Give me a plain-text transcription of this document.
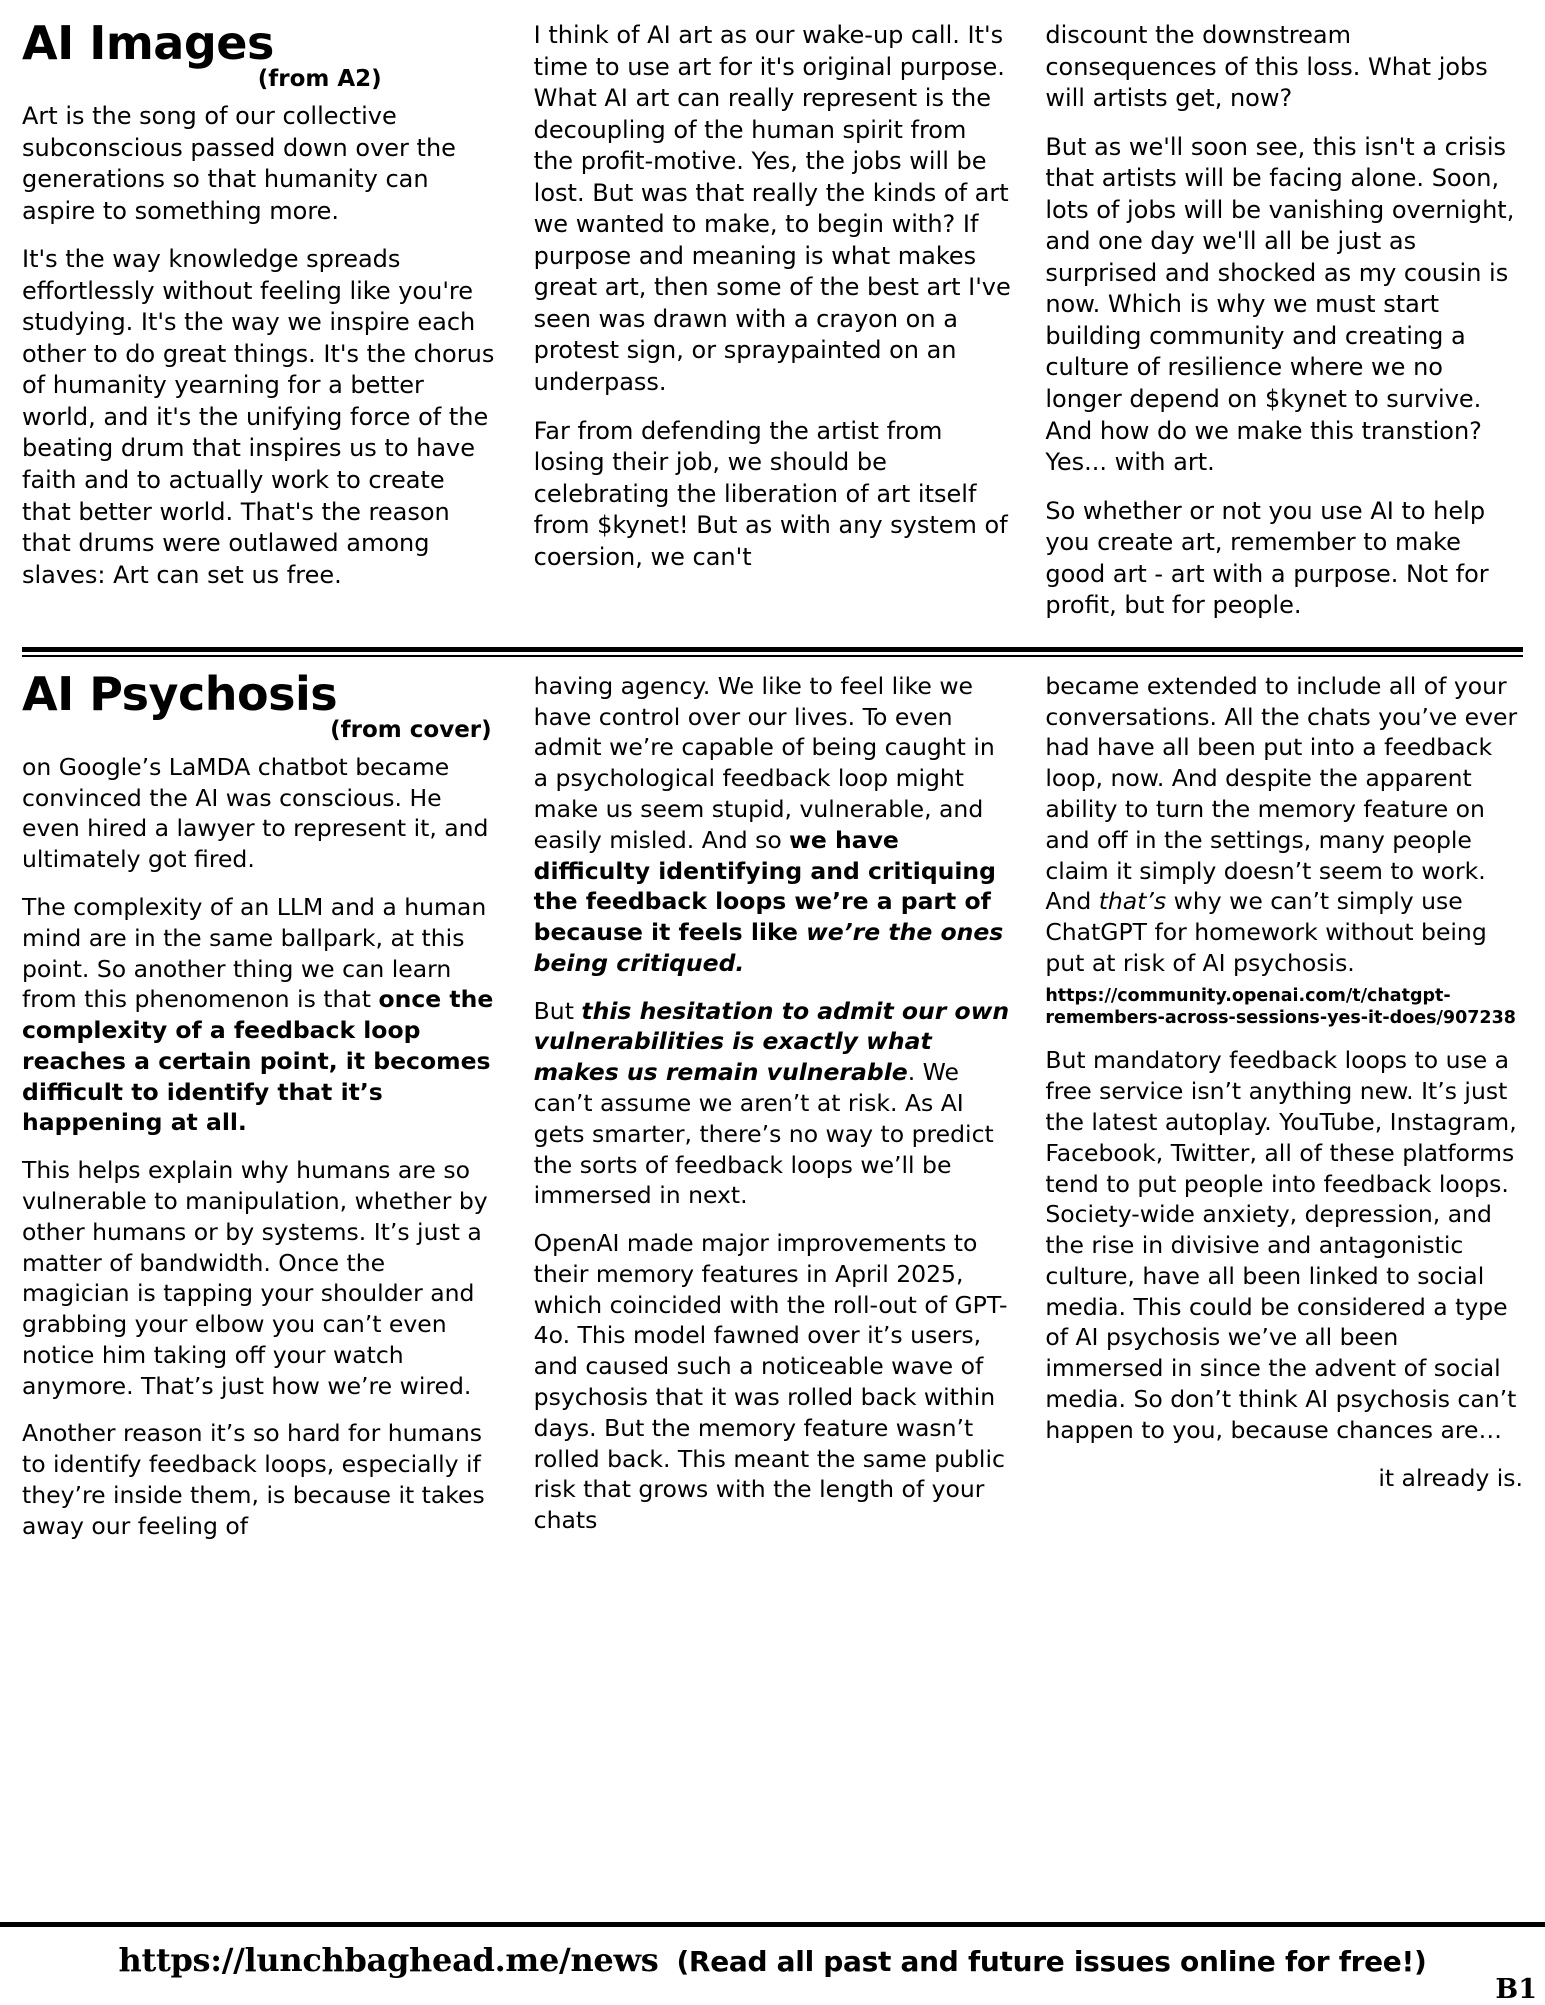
AI Images
(from A2)

Art is the song of our collective subconscious passed down over the generations so that humanity can aspire to something more.

It's the way knowledge spreads effortlessly without feeling like you're studying. It's the way we inspire each other to do great things. It's the chorus of humanity yearning for a better world, and it's the unifying force of the beating drum that inspires us to have faith and to actually work to create that better world. That's the reason that drums were outlawed among slaves: Art can set us free.

I think of AI art as our wake-up call. It's time to use art for it's original purpose. What AI art can really represent is the decoupling of the human spirit from the profit-motive. Yes, the jobs will be lost. But was that really the kinds of art we wanted to make, to begin with? If purpose and meaning is what makes great art, then some of the best art I've seen was drawn with a crayon on a protest sign, or spraypainted on an underpass.

Far from defending the artist from losing their job, we should be celebrating the liberation of art itself from $kynet! But as with any system of coersion, we can't

discount the downstream consequences of this loss. What jobs will artists get, now?

But as we'll soon see, this isn't a crisis that artists will be facing alone. Soon, lots of jobs will be vanishing overnight, and one day we'll all be just as surprised and shocked as my cousin is now. Which is why we must start building community and creating a culture of resilience where we no longer depend on $kynet to survive. And how do we make this transtion? Yes... with art.

So whether or not you use AI to help you create art, remember to make good art - art with a purpose. Not for profit, but for people.

AI Psychosis
(from cover)

on Google’s LaMDA chatbot became convinced the AI was conscious. He even hired a lawyer to represent it, and ultimately got fired.

The complexity of an LLM and a human mind are in the same ballpark, at this point. So another thing we can learn from this phenomenon is that once the complexity of a feedback loop reaches a certain point, it becomes difficult to identify that it’s happening at all.

This helps explain why humans are so vulnerable to manipulation, whether by other humans or by systems. It’s just a matter of bandwidth. Once the magician is tapping your shoulder and grabbing your elbow you can’t even notice him taking off your watch anymore. That’s just how we’re wired.

Another reason it’s so hard for humans to identify feedback loops, especially if they’re inside them, is because it takes away our feeling of

having agency. We like to feel like we have control over our lives. To even admit we’re capable of being caught in a psychological feedback loop might make us seem stupid, vulnerable, and easily misled. And so we have difficulty identifying and critiquing the feedback loops we’re a part of because it feels like we’re the ones being critiqued.

But this hesitation to admit our own vulnerabilities is exactly what makes us remain vulnerable. We can’t assume we aren’t at risk. As AI gets smarter, there’s no way to predict the sorts of feedback loops we’ll be immersed in next.

OpenAI made major improvements to their memory features in April 2025, which coincided with the roll-out of GPT-4o. This model fawned over it’s users, and caused such a noticeable wave of psychosis that it was rolled back within days. But the memory feature wasn’t rolled back. This meant the same public risk that grows with the length of your chats

became extended to include all of your conversations. All the chats you’ve ever had have all been put into a feedback loop, now. And despite the apparent ability to turn the memory feature on and off in the settings, many people claim it simply doesn’t seem to work. And that’s why we can’t simply use ChatGPT for homework without being put at risk of AI psychosis.

https://community.openai.com/t/chatgpt-remembers-across-sessions-yes-it-does/907238

But mandatory feedback loops to use a free service isn’t anything new. It’s just the latest autoplay. YouTube, Instagram, Facebook, Twitter, all of these platforms tend to put people into feedback loops. Society-wide anxiety, depression, and the rise in divisive and antagonistic culture, have all been linked to social media. This could be considered a type of AI psychosis we’ve all been immersed in since the advent of social media. So don’t think AI psychosis can’t happen to you, because chances are…

it already is.

https://lunchbaghead.me/news (Read all past and future issues online for free!)
B1
